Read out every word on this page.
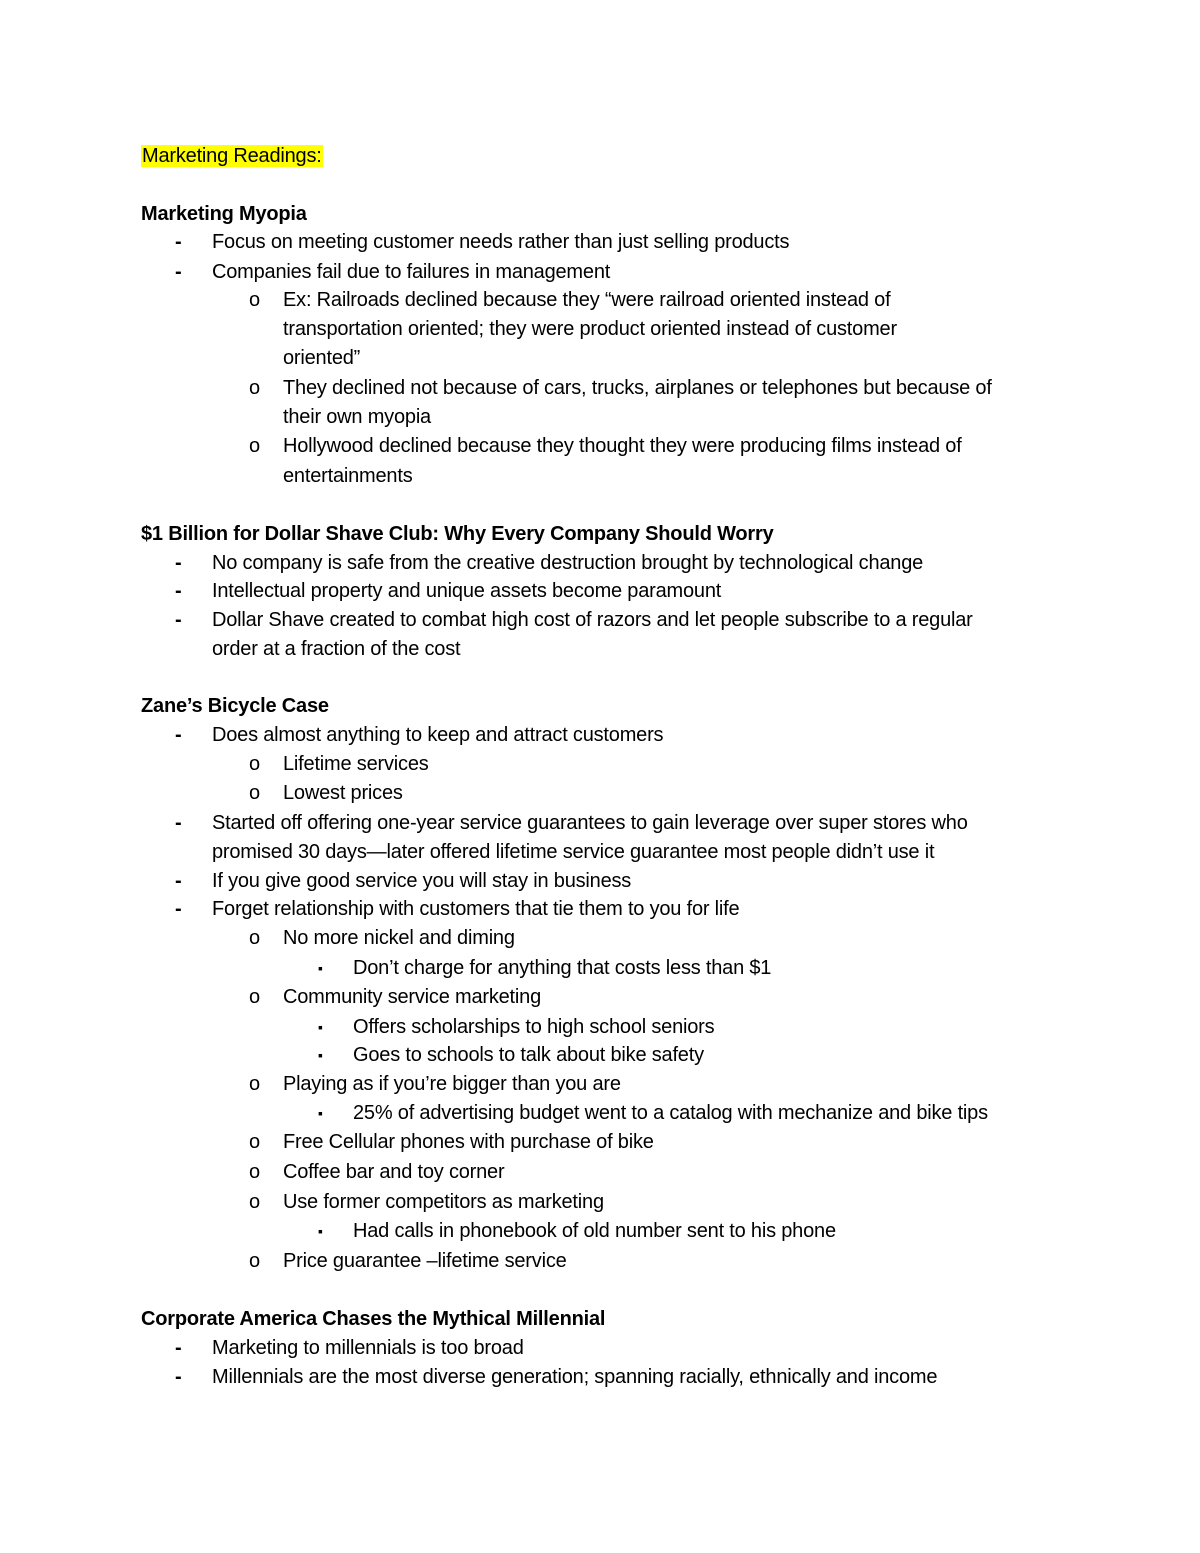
Marketing Readings:
Marketing Myopia
- Focus on meeting customer needs rather than just selling products
- Companies fail due to failures in management
o Ex: Railroads declined because they “were railroad oriented instead of
transportation oriented; they were product oriented instead of customer
oriented”
o They declined not because of cars, trucks, airplanes or telephones but because of
their own myopia
o Hollywood declined because they thought they were producing films instead of
entertainments
$1 Billion for Dollar Shave Club: Why Every Company Should Worry
- No company is safe from the creative destruction brought by technological change
- Intellectual property and unique assets become paramount
- Dollar Shave created to combat high cost of razors and let people subscribe to a regular
order at a fraction of the cost
Zane’s Bicycle Case
- Does almost anything to keep and attract customers
o Lifetime services
o Lowest prices
- Started off offering one-year service guarantees to gain leverage over super stores who
promised 30 days—later offered lifetime service guarantee most people didn’t use it
- If you give good service you will stay in business
- Forget relationship with customers that tie them to you for life
o No more nickel and diming
▪ Don’t charge for anything that costs less than $1
o Community service marketing
▪ Offers scholarships to high school seniors
▪ Goes to schools to talk about bike safety
o Playing as if you’re bigger than you are
▪ 25% of advertising budget went to a catalog with mechanize and bike tips
o Free Cellular phones with purchase of bike
o Coffee bar and toy corner
o Use former competitors as marketing
▪ Had calls in phonebook of old number sent to his phone
o Price guarantee –lifetime service
Corporate America Chases the Mythical Millennial
- Marketing to millennials is too broad
- Millennials are the most diverse generation; spanning racially, ethnically and income
